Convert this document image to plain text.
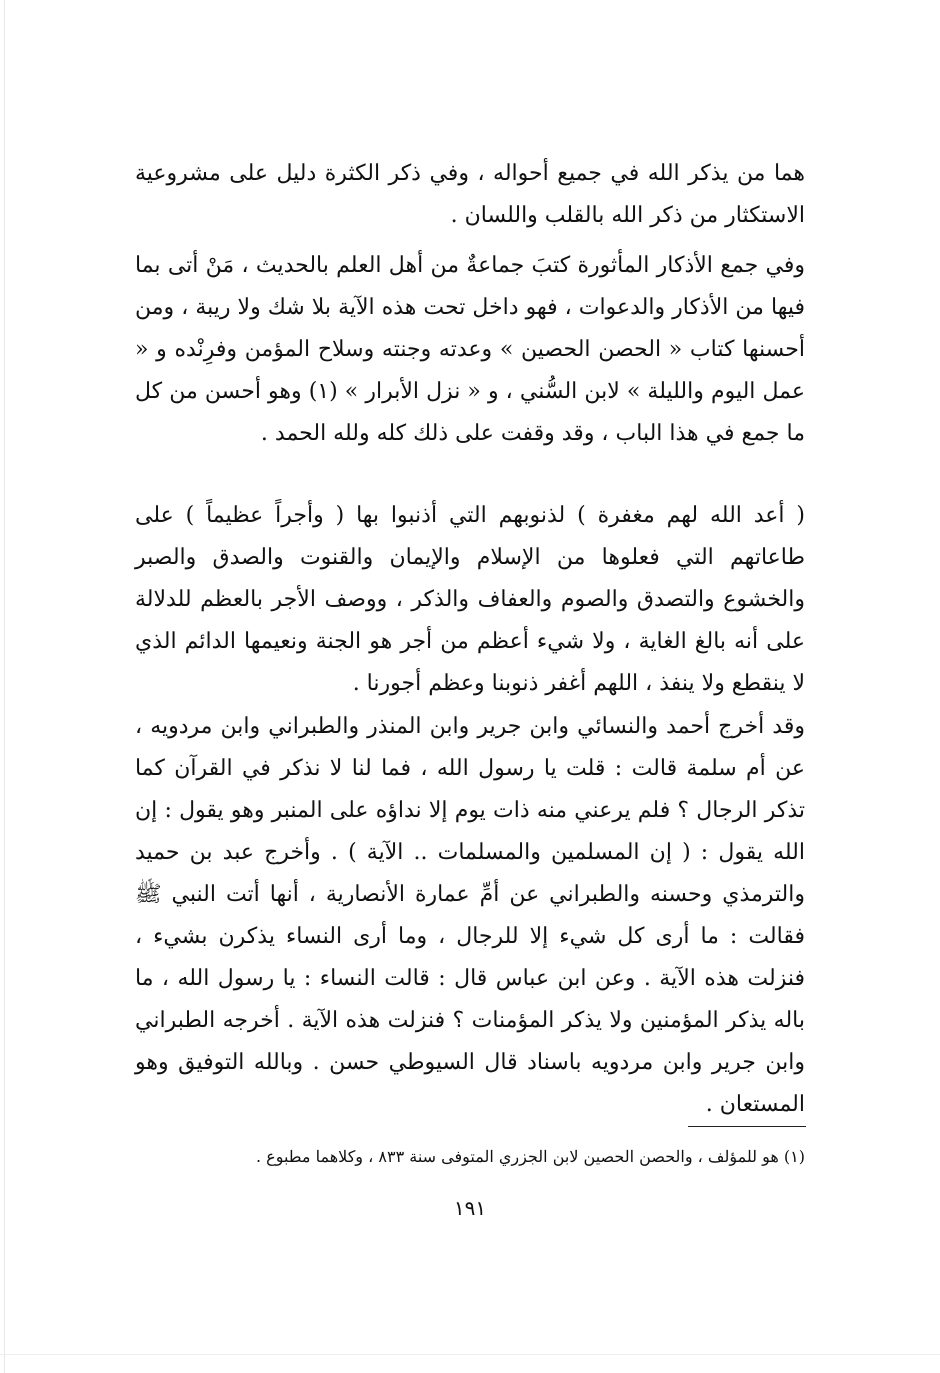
هما من يذكر الله في جميع أحواله ، وفي ذكر الكثرة دليل على مشروعية الاستكثار من ذكر الله بالقلب واللسان .

وفي جمع الأذكار المأثورة كتبَ جماعةٌ من أهل العلم بالحديث ، مَنْ أتى بما فيها من الأذكار والدعوات ، فهو داخل تحت هذه الآية بلا شك ولا ريبة ، ومن أحسنها كتاب « الحصن الحصين » وعدته وجنته وسلاح المؤمن وفرِنْده و « عمل اليوم والليلة » لابن السُّني ، و « نزل الأبرار » (١) وهو أحسن من كل ما جمع في هذا الباب ، وقد وقفت على ذلك كله ولله الحمد .

( أعد الله لهم مغفرة ) لذنوبهم التي أذنبوا بها ( وأجراً عظيماً ) على طاعاتهم التي فعلوها من الإسلام والإيمان والقنوت والصدق والصبر والخشوع والتصدق والصوم والعفاف والذكر ، ووصف الأجر بالعظم للدلالة على أنه بالغ الغاية ، ولا شيء أعظم من أجر هو الجنة ونعيمها الدائم الذي لا ينقطع ولا ينفذ ، اللهم أغفر ذنوبنا وعظم أجورنا .

وقد أخرج أحمد والنسائي وابن جرير وابن المنذر والطبراني وابن مردويه ، عن أم سلمة قالت : قلت يا رسول الله ، فما لنا لا نذكر في القرآن كما تذكر الرجال ؟ فلم يرعني منه ذات يوم إلا نداؤه على المنبر وهو يقول : إن الله يقول : ( إن المسلمين والمسلمات .. الآية ) . وأخرج عبد بن حميد والترمذي وحسنه والطبراني عن أمِّ عمارة الأنصارية ، أنها أتت النبي ﷺ فقالت : ما أرى كل شيء إلا للرجال ، وما أرى النساء يذكرن بشيء ، فنزلت هذه الآية . وعن ابن عباس قال : قالت النساء : يا رسول الله ، ما باله يذكر المؤمنين ولا يذكر المؤمنات ؟ فنزلت هذه الآية . أخرجه الطبراني وابن جرير وابن مردويه باسناد قال السيوطي حسن . وبالله التوفيق وهو المستعان .

(١) هو للمؤلف ، والحصن الحصين لابن الجزري المتوفى سنة ٨٣٣ ، وكلاهما مطبوع .

١٩١
